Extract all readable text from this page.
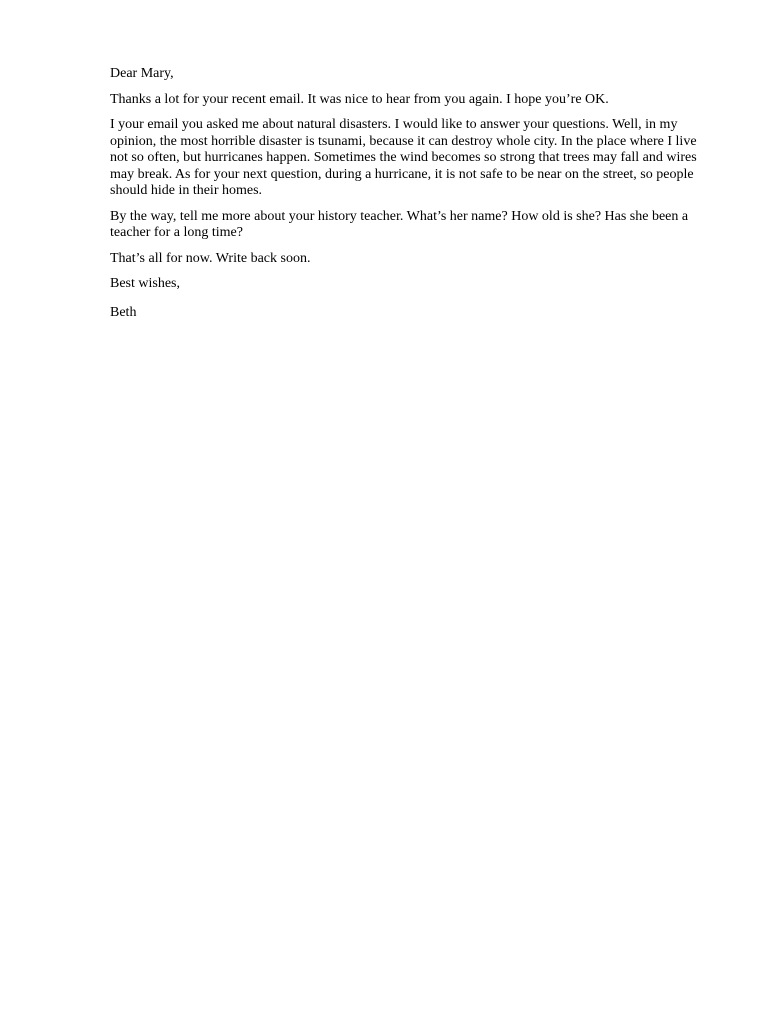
Dear Mary,

Thanks a lot for your recent email. It was nice to hear from you again. I hope you’re OK.

I your email you asked me about natural disasters. I would like to answer your questions. Well, in my opinion, the most horrible disaster is tsunami, because it can destroy whole city. In the place where I live not so often, but hurricanes happen. Sometimes the wind becomes so strong that trees may fall and wires may break. As for your next question, during a hurricane, it is not safe to be near on the street, so people should hide in their homes.

By the way, tell me more about your history teacher. What’s her name? How old is she? Has she been a teacher for a long time?

That’s all for now. Write back soon.

Best wishes,

Beth
